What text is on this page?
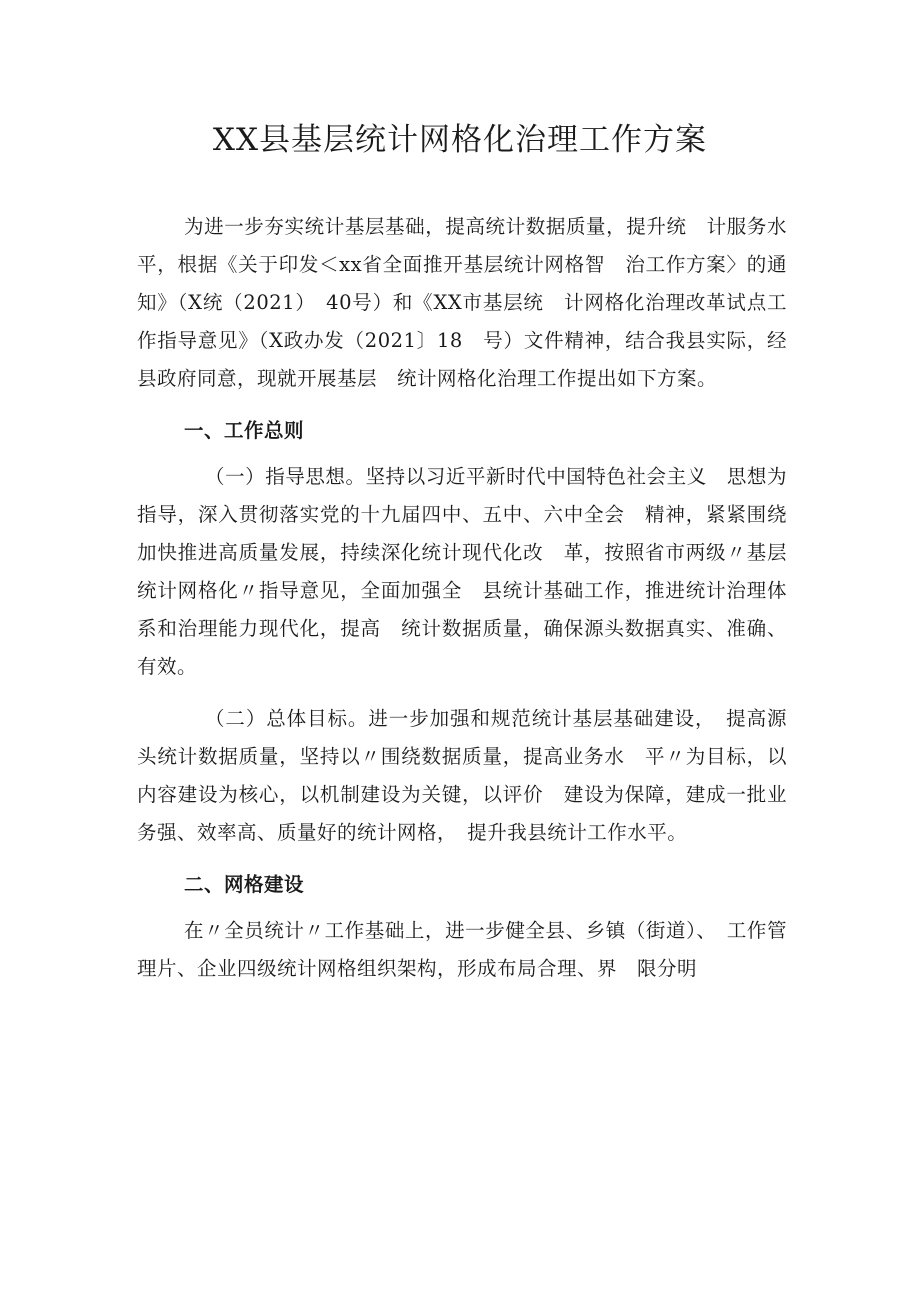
XX县基层统计网格化治理工作方案

为进一步夯实统计基层基础，提高统计数据质量，提升统　计服务水平，根据《关于印发＜xx省全面推开基层统计网格智　治工作方案〉的通知》（X统（2021）　40号）和《XX市基层统　计网格化治理改革试点工作指导意见》（X政办发（2021〕18　号）文件精神，结合我县实际，经县政府同意，现就开展基层　统计网格化治理工作提出如下方案。

一、工作总则

（一）指导思想。坚持以习近平新时代中国特色社会主义　思想为指导，深入贯彻落实党的十九届四中、五中、六中全会　精神，紧紧围绕加快推进高质量发展，持续深化统计现代化改　革，按照省市两级〃基层统计网格化〃指导意见，全面加强全　县统计基础工作，推进统计治理体系和治理能力现代化，提高　统计数据质量，确保源头数据真实、准确、有效。

（二）总体目标。进一步加强和规范统计基层基础建设，　提高源头统计数据质量，坚持以〃围绕数据质量，提高业务水　平〃为目标，以内容建设为核心，以机制建设为关键，以评价　建设为保障，建成一批业务强、效率高、质量好的统计网格，　提升我县统计工作水平。

二、网格建设

在〃全员统计〃工作基础上，进一步健全县、乡镇（街道）、　工作管理片、企业四级统计网格组织架构，形成布局合理、界　限分明
